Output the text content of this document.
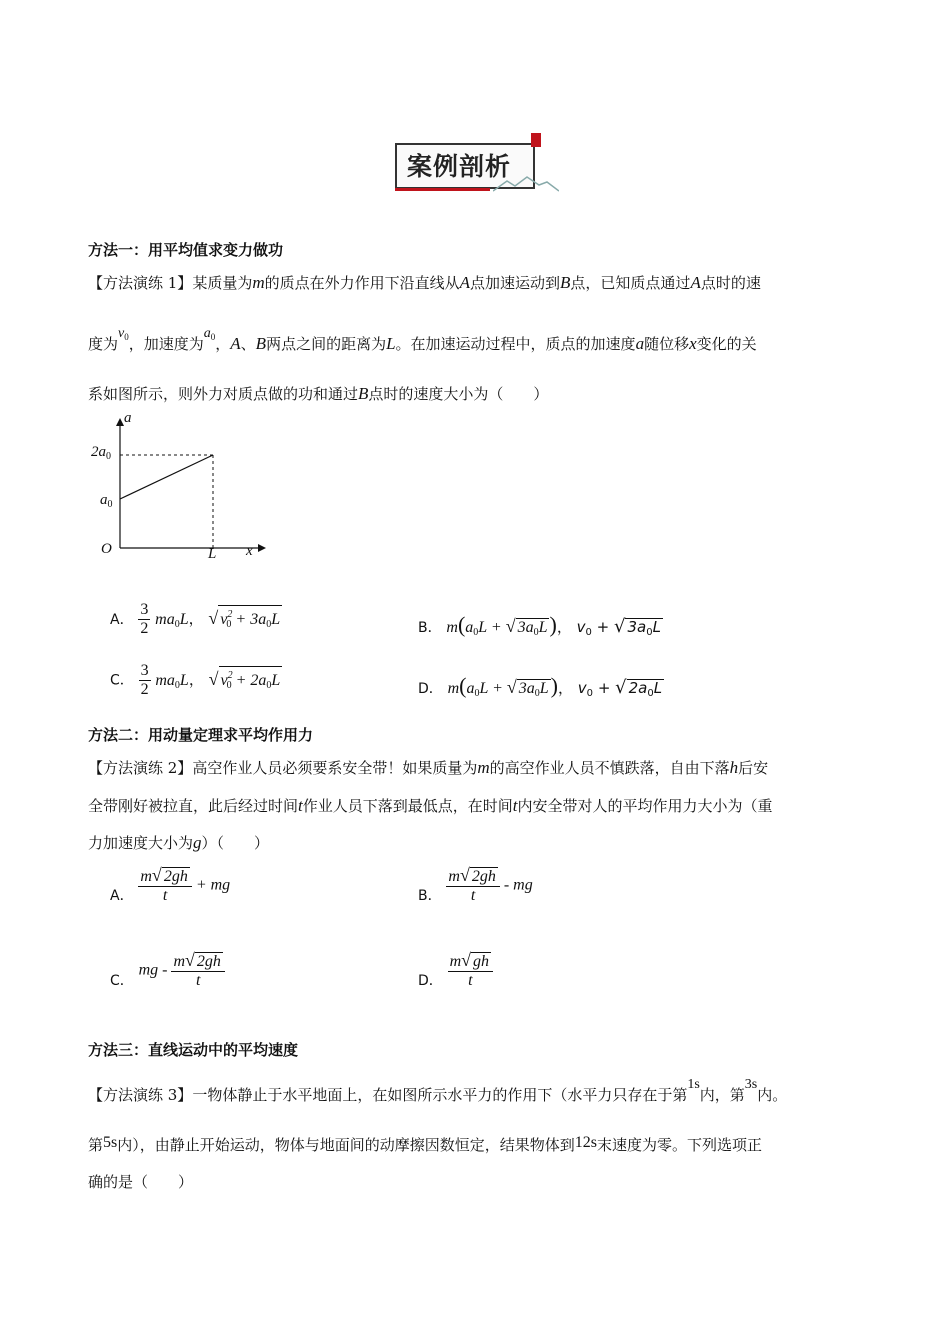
案例剖析
方法一：用平均值求变力做功
【方法演练 1】某质量为m的质点在外力作用下沿直线从A点加速运动到B点，已知质点通过A点时的速
度为$v_0$，加速度为$a_0$，A、B两点之间的距离为L。在加速运动过程中，质点的加速度a随位移x变化的关
系如图所示，则外力对质点做的功和通过B点时的速度大小为（　　）
a
x
O	L
$2a_0$
$a_0$
A． $\frac{3}{2} ma_0L$， √ $v^2_0 + 3a_0L$
B． $m(a_0L$ + √ $3a_0L$)， $v_0$ + √ $3a_0L$
C． $\frac{3}{2} ma_0L$， √ $v^2_0 + 2a_0L$
D． $m(a_0L$ + √ $3a_0L$)， $v_0$ + √ $2a_0L$
方法二：用动量定理求平均作用力
【方法演练 2】高空作业人员必须要系安全带！如果质量为m的高空作业人员不慎跌落，自由下落h后安
全带刚好被拉直，此后经过时间t作业人员下落到最低点，在时间t内安全带对人的平均作用力大小为（重
力加速度大小为g）（　　）
A． $\frac{m√ 2gh}{t}$ + mg
B． $\frac{m√ 2gh}{t}$ - mg
C． mg - $\frac{m√ 2gh}{t}$	D． $\frac{m√ gh}{t}$
方法三：直线运动中的平均速度
【方法演练 3】一物体静止于水平地面上，在如图所示水平力的作用下（水平力只存在于第1s内，第3s内。
第5s内），由静止开始运动，物体与地面间的动摩擦因数恒定，结果物体到12s末速度为零。下列选项正
确的是（　　）
